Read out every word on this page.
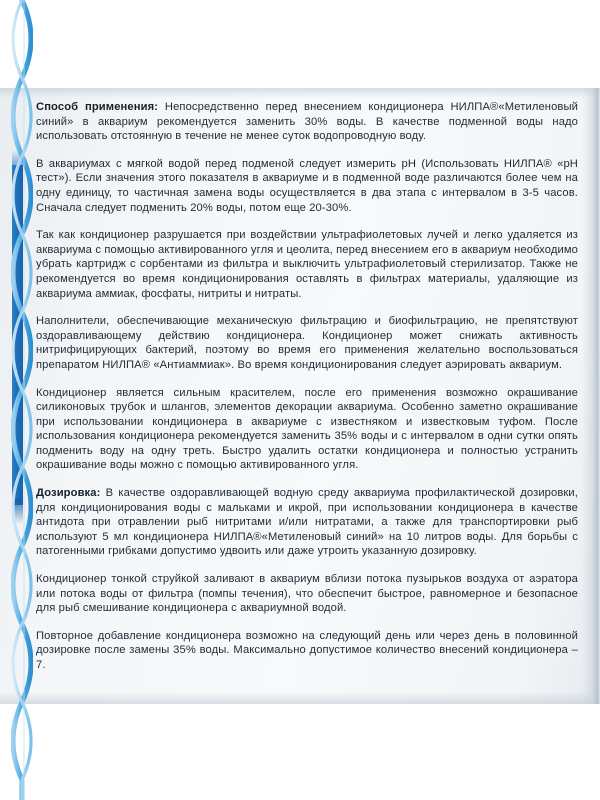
Способ применения: Непосредственно перед внесением кондиционера НИЛПА®«Метиленовый синий» в аквариум рекомендуется заменить 30% воды. В качестве подменной воды надо использовать отстоянную в течение не менее суток водопроводную воду.

В аквариумах с мягкой водой перед подменой следует измерить рН (Использовать НИЛПА® «рН тест»). Если значения этого показателя в аквариуме и в подменной воде различаются более чем на одну единицу, то частичная замена воды осуществляется в два этапа с интервалом в 3-5 часов. Сначала следует подменить 20% воды, потом еще 20-30%.

Так как кондиционер разрушается при воздействии ультрафиолетовых лучей и легко удаляется из аквариума с помощью активированного угля и цеолита, перед внесением его в аквариум необходимо убрать картридж с сорбентами из фильтра и выключить ультрафиолетовый стерилизатор. Также не рекомендуется во время кондиционирования оставлять в фильтрах материалы, удаляющие из аквариума аммиак, фосфаты, нитриты и нитраты.

Наполнители, обеспечивающие механическую фильтрацию и биофильтрацию, не препятствуют оздоравливающему действию кондиционера. Кондиционер может снижать активность нитрифицирующих бактерий, поэтому во время его применения желательно воспользоваться препаратом НИЛПА® «Антиаммиак». Во время кондиционирования следует аэрировать аквариум.

Кондиционер является сильным красителем, после его применения возможно окрашивание силиконовых трубок и шлангов, элементов декорации аквариума. Особенно заметно окрашивание при использовании кондиционера в аквариуме с известняком и известковым туфом. После использования кондиционера рекомендуется заменить 35% воды и с интервалом в одни сутки опять подменить воду на одну треть. Быстро удалить остатки кондиционера и полностью устранить окрашивание воды можно с помощью активированного угля.

Дозировка: В качестве оздоравливающей водную среду аквариума профилактической дозировки, для кондиционирования воды с мальками и икрой, при использовании кондиционера в качестве антидота при отравлении рыб нитритами и/или нитратами, а также для транспортировки рыб используют 5 мл кондиционера НИЛПА®«Метиленовый синий» на 10 литров воды. Для борьбы с патогенными грибками допустимо удвоить или даже утроить указанную дозировку.

Кондиционер тонкой струйкой заливают в аквариум вблизи потока пузырьков воздуха от аэратора или потока воды от фильтра (помпы течения), что обеспечит быстрое, равномерное и безопасное для рыб смешивание кондиционера с аквариумной водой.

Повторное добавление кондиционера возможно на следующий день или через день в половинной дозировке после замены 35% воды. Максимально допустимое количество внесений кондиционера – 7.
